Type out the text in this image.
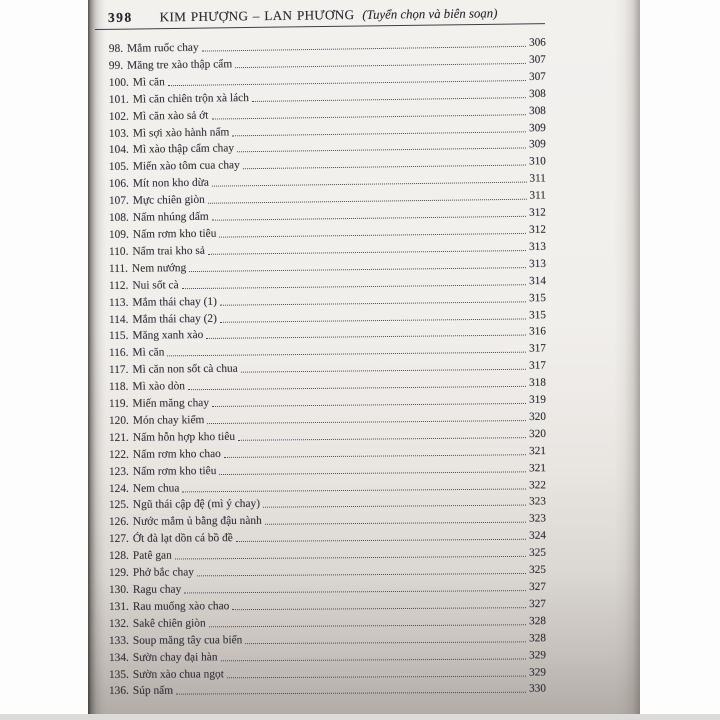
398 KIM PHƯỢNG – LAN PHƯƠNG (Tuyển chọn và biên soạn)
98. Mắm ruốc chay	306
99. Măng tre xào thập cẩm	307
100. Mì căn	307
101. Mì căn chiên trộn xà lách	308
102. Mì căn xào sả ớt	308
103. Mì sợi xào hành nấm	309
104. Mì xào thập cẩm chay	309
105. Miến xào tôm cua chay	310
106. Mít non kho dừa	311
107. Mực chiên giòn	311
108. Nấm nhúng dấm	312
109. Nấm rơm kho tiêu	312
110. Nấm trai kho sả	313
111. Nem nướng	313
112. Nui sốt cà	314
113. Mắm thái chay (1)	315
114. Mắm thái chay (2)	315
115. Măng xanh xào	316
116. Mì căn	317
117. Mì căn non sốt cà chua	317
118. Mì xào dòn	318
119. Miến măng chay	319
120. Món chay kiểm	320
121. Nấm hỗn hợp kho tiêu	320
122. Nấm rơm kho chao	321
123. Nấm rơm kho tiêu	321
124. Nem chua	322
125. Ngũ thái cập đệ (mì ý chay)	323
126. Nước mắm ủ bằng đậu nành	323
127. Ớt đà lạt dồn cá bồ đề	324
128. Patê gan	325
129. Phở bắc chay	325
130. Ragu chay	327
131. Rau muống xào chao	327
132. Sakê chiên giòn	328
133. Soup măng tây cua biển	328
134. Sườn chay đại hàn	329
135. Sườn xào chua ngọt	329
136. Súp nấm	330
